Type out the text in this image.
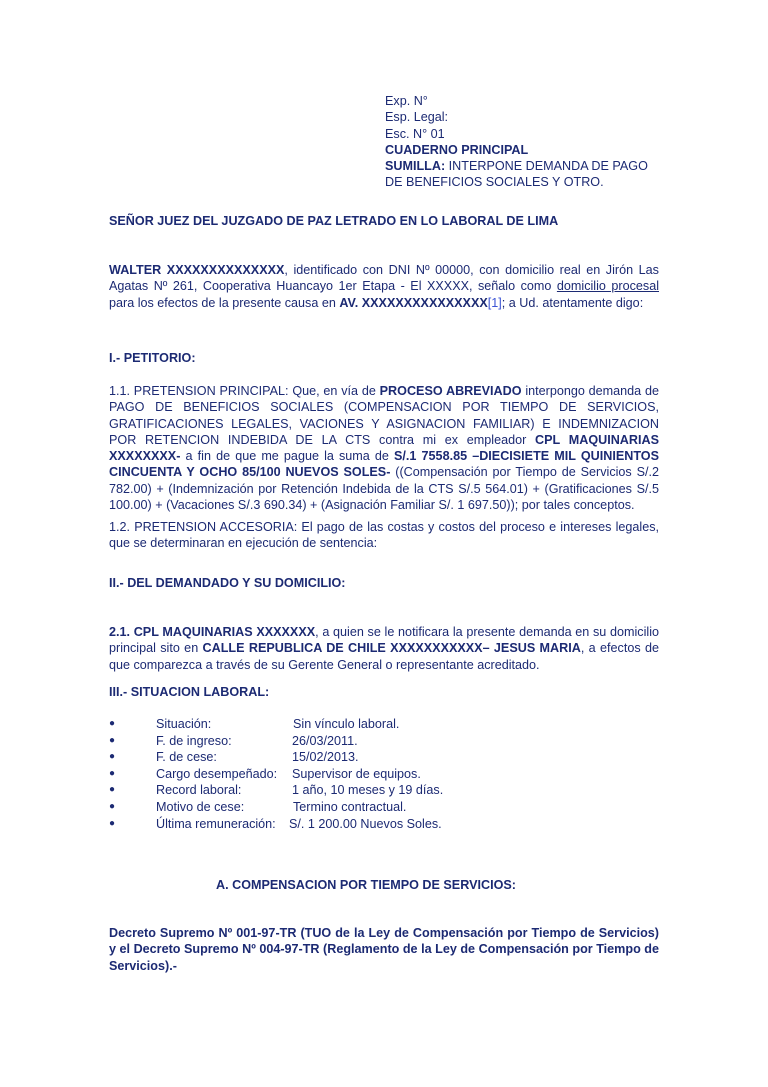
Exp. N°
Esp. Legal:
Esc. N° 01
CUADERNO PRINCIPAL
SUMILLA: INTERPONE DEMANDA DE PAGO
DE BENEFICIOS SOCIALES Y OTRO.
SEÑOR JUEZ DEL JUZGADO DE PAZ LETRADO EN LO LABORAL DE LIMA
WALTER XXXXXXXXXXXXXX, identificado con DNI Nº 00000, con domicilio real en Jirón Las Agatas Nº 261, Cooperativa Huancayo 1er Etapa - El XXXXX, señalo como domicilio procesal para los efectos de la presente causa en AV. XXXXXXXXXXXXXXX[1]; a Ud. atentamente digo:
I.- PETITORIO:
1.1. PRETENSION PRINCIPAL: Que, en vía de PROCESO ABREVIADO interpongo demanda de PAGO DE BENEFICIOS SOCIALES (COMPENSACION POR TIEMPO DE SERVICIOS, GRATIFICACIONES LEGALES, VACIONES Y ASIGNACION FAMILIAR) E INDEMNIZACION POR RETENCION INDEBIDA DE LA CTS contra mi ex empleador CPL MAQUINARIAS XXXXXXXX- a fin de que me pague la suma de S/.1 7558.85 –DIECISIETE MIL QUINIENTOS CINCUENTA Y OCHO 85/100 NUEVOS SOLES- ((Compensación por Tiempo de Servicios S/.2 782.00) + (Indemnización por Retención Indebida de la CTS S/.5 564.01) + (Gratificaciones S/.5 100.00) + (Vacaciones S/.3 690.34) + (Asignación Familiar S/. 1 697.50)); por tales conceptos.
1.2. PRETENSION ACCESORIA: El pago de las costas y costos del proceso e intereses legales, que se determinaran en ejecución de sentencia:
II.- DEL DEMANDADO Y SU DOMICILIO:
2.1. CPL MAQUINARIAS XXXXXXX, a quien se le notificara la presente demanda en su domicilio principal sito en CALLE REPUBLICA DE CHILE XXXXXXXXXXX– JESUS MARIA, a efectos de que comparezca a través de su Gerente General o representante acreditado.
III.- SITUACION LABORAL:
●	Situación:	Sin vínculo laboral.
●	F. de ingreso:	26/03/2011.
●	F. de cese:	15/02/2013.
●	Cargo desempeñado: Supervisor de equipos.
●	Record laboral:	1 año, 10 meses y 19 días.
●	Motivo de cese:	Termino contractual.
●	Última remuneración: S/. 1 200.00 Nuevos Soles.
A. COMPENSACION POR TIEMPO DE SERVICIOS:
Decreto Supremo Nº 001-97-TR (TUO de la Ley de Compensación por Tiempo de Servicios) y el Decreto Supremo Nº 004-97-TR (Reglamento de la Ley de Compensación por Tiempo de Servicios).-
